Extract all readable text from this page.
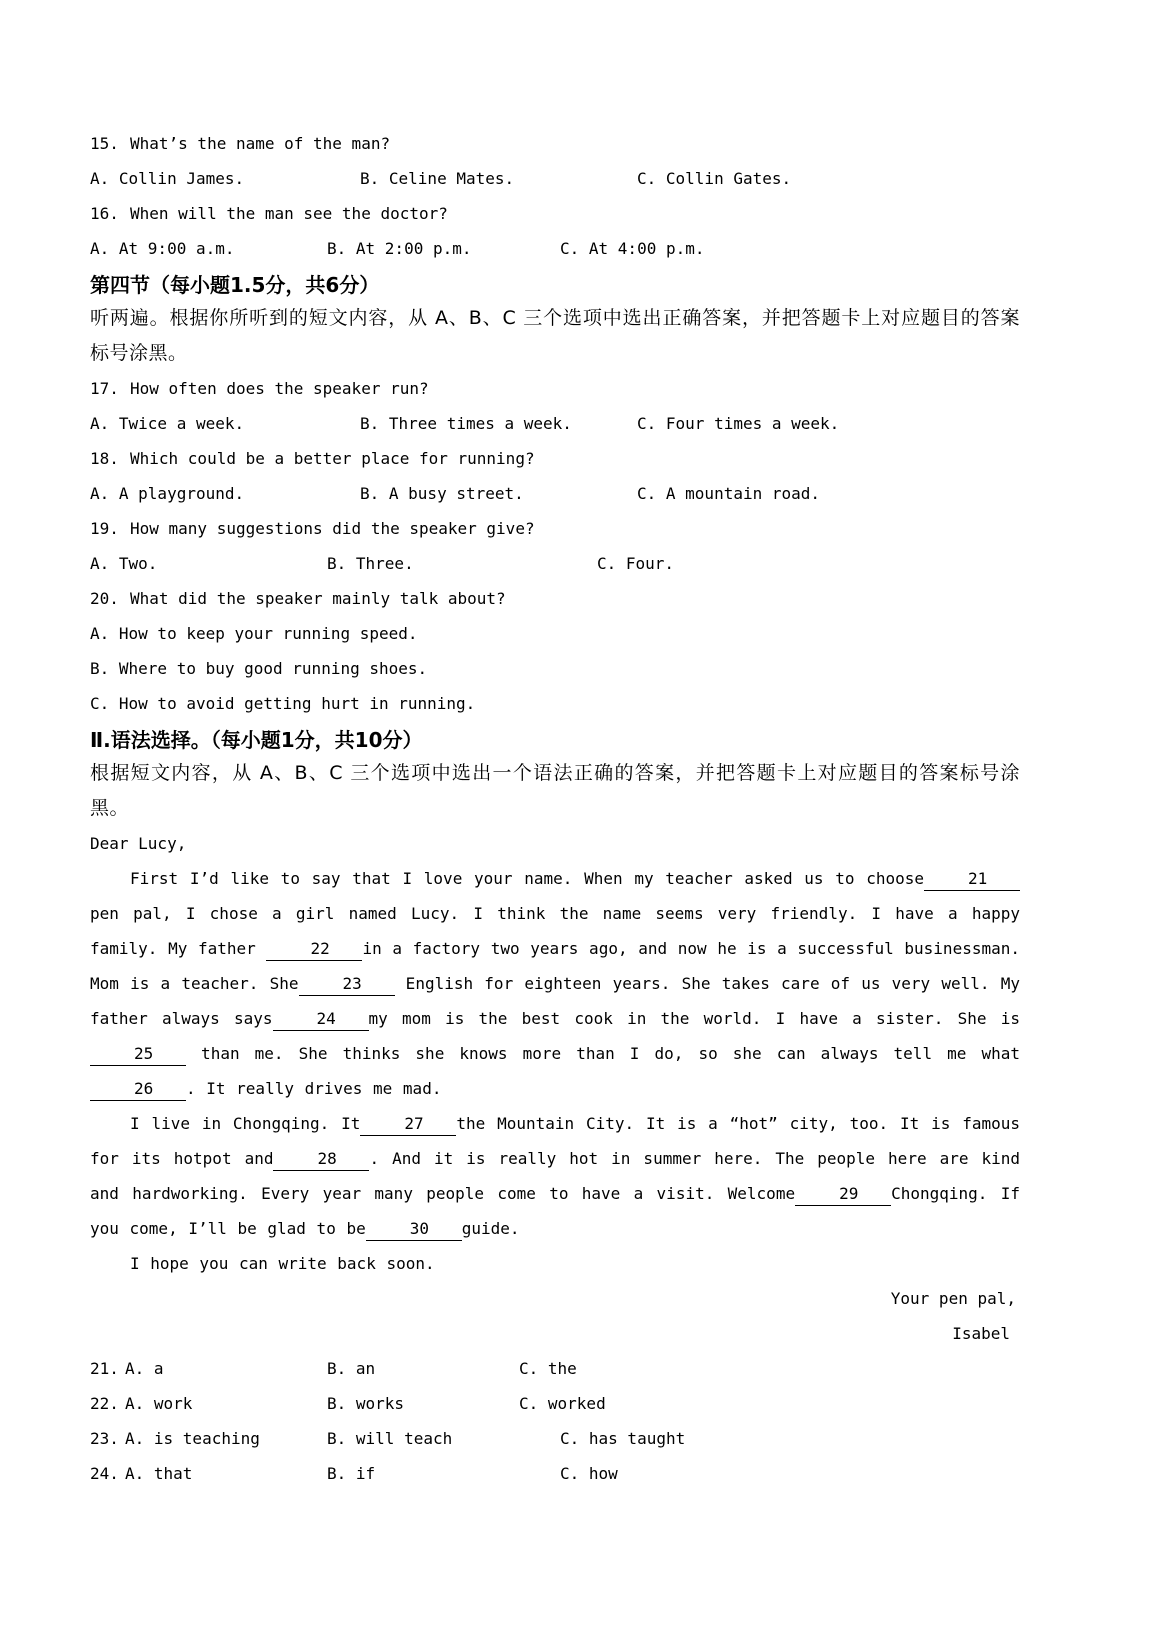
15. What’s the name of the man?
A. Collin James.	B. Celine Mates.	C. Collin Gates.
16. When will the man see the doctor?
A. At 9:00 a.m.	B. At 2:00 p.m.	C. At 4:00 p.m.
第四节（每小题1.5分，共6分）
听两遍。根据你所听到的短文内容，从 A、B、C 三个选项中选出正确答案，并把答题卡上对应题目的答案标号涂黑。
17. How often does the speaker run?
A. Twice a week.	B. Three times a week.	C. Four times a week.
18. Which could be a better place for running?
A. A playground.	B. A busy street.	C. A mountain road.
19. How many suggestions did the speaker give?
A. Two.	B. Three.	C. Four.
20. What did the speaker mainly talk about?
A. How to keep your running speed.
B. Where to buy good running shoes.
C. How to avoid getting hurt in running.
Ⅱ.语法选择。（每小题1分，共10分）
根据短文内容，从 A、B、C 三个选项中选出一个语法正确的答案，并把答题卡上对应题目的答案标号涂黑。
Dear Lucy,
First I’d like to say that I love your name. When my teacher asked us to choose	21pen pal, I chose a girl named Lucy. I think the name seems very friendly. I have a happy family. My father	22 in a factory two years ago, and now he is a successful businessman. Mom is a teacher. She	23 English for eighteen years. She takes care of us very well. My father always says	24 my mom is the best cook in the world. I have a sister. She is 25 than me. She thinks she knows more than I do, so she can always tell me what 26 . It really drives me mad.
I live in Chongqing. It	27 the Mountain City. It is a “hot” city, too. It is famous for its hotpot and	28 . And it is really hot in summer here. The people here are kind and hardworking. Every year many people come to have a visit. Welcome	29 Chongqing. If you come, I’ll be glad to be	30 guide.
I hope you can write back soon.
Your pen pal,
Isabel
21. A. a	B. an	C. the
22. A. work	B. works	C. worked
23. A. is teaching	B. will teach	C. has taught
24. A. that	B. if	C. how
